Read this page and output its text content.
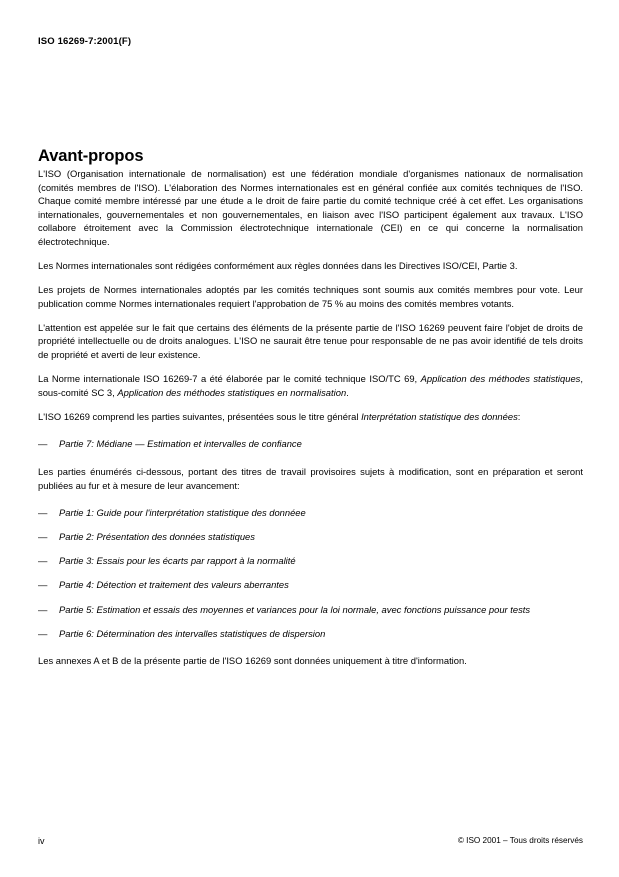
ISO 16269-7:2001(F)
Avant-propos

L'ISO (Organisation internationale de normalisation) est une fédération mondiale d'organismes nationaux de normalisation (comités membres de l'ISO). L'élaboration des Normes internationales est en général confiée aux comités techniques de l'ISO. Chaque comité membre intéressé par une étude a le droit de faire partie du comité technique créé à cet effet. Les organisations internationales, gouvernementales et non gouvernementales, en liaison avec l'ISO participent également aux travaux. L'ISO collabore étroitement avec la Commission électrotechnique internationale (CEI) en ce qui concerne la normalisation électrotechnique.

Les Normes internationales sont rédigées conformément aux règles données dans les Directives ISO/CEI, Partie 3.

Les projets de Normes internationales adoptés par les comités techniques sont soumis aux comités membres pour vote. Leur publication comme Normes internationales requiert l'approbation de 75 % au moins des comités membres votants.

L'attention est appelée sur le fait que certains des éléments de la présente partie de l'ISO 16269 peuvent faire l'objet de droits de propriété intellectuelle ou de droits analogues. L'ISO ne saurait être tenue pour responsable de ne pas avoir identifié de tels droits de propriété et averti de leur existence.

La Norme internationale ISO 16269-7 a été élaborée par le comité technique ISO/TC 69, Application des méthodes statistiques, sous-comité SC 3, Application des méthodes statistiques en normalisation.

L'ISO 16269 comprend les parties suivantes, présentées sous le titre général Interprétation statistique des données:

—	Partie 7: Médiane — Estimation et intervalles de confiance

Les parties énumérés ci-dessous, portant des titres de travail provisoires sujets à modification, sont en préparation et seront publiées au fur et à mesure de leur avancement:

—	Partie 1: Guide pour l'interprétation statistique des donnéee
—	Partie 2: Présentation des données statistiques
—	Partie 3: Essais pour les écarts par rapport à la normalité
—	Partie 4: Détection et traitement des valeurs aberrantes
—	Partie 5: Estimation et essais des moyennes et variances pour la loi normale, avec fonctions puissance pour tests
—	Partie 6: Détermination des intervalles statistiques de dispersion

Les annexes A et B de la présente partie de l'ISO 16269 sont données uniquement à titre d'information.

iv	© ISO 2001 – Tous droits réservés
